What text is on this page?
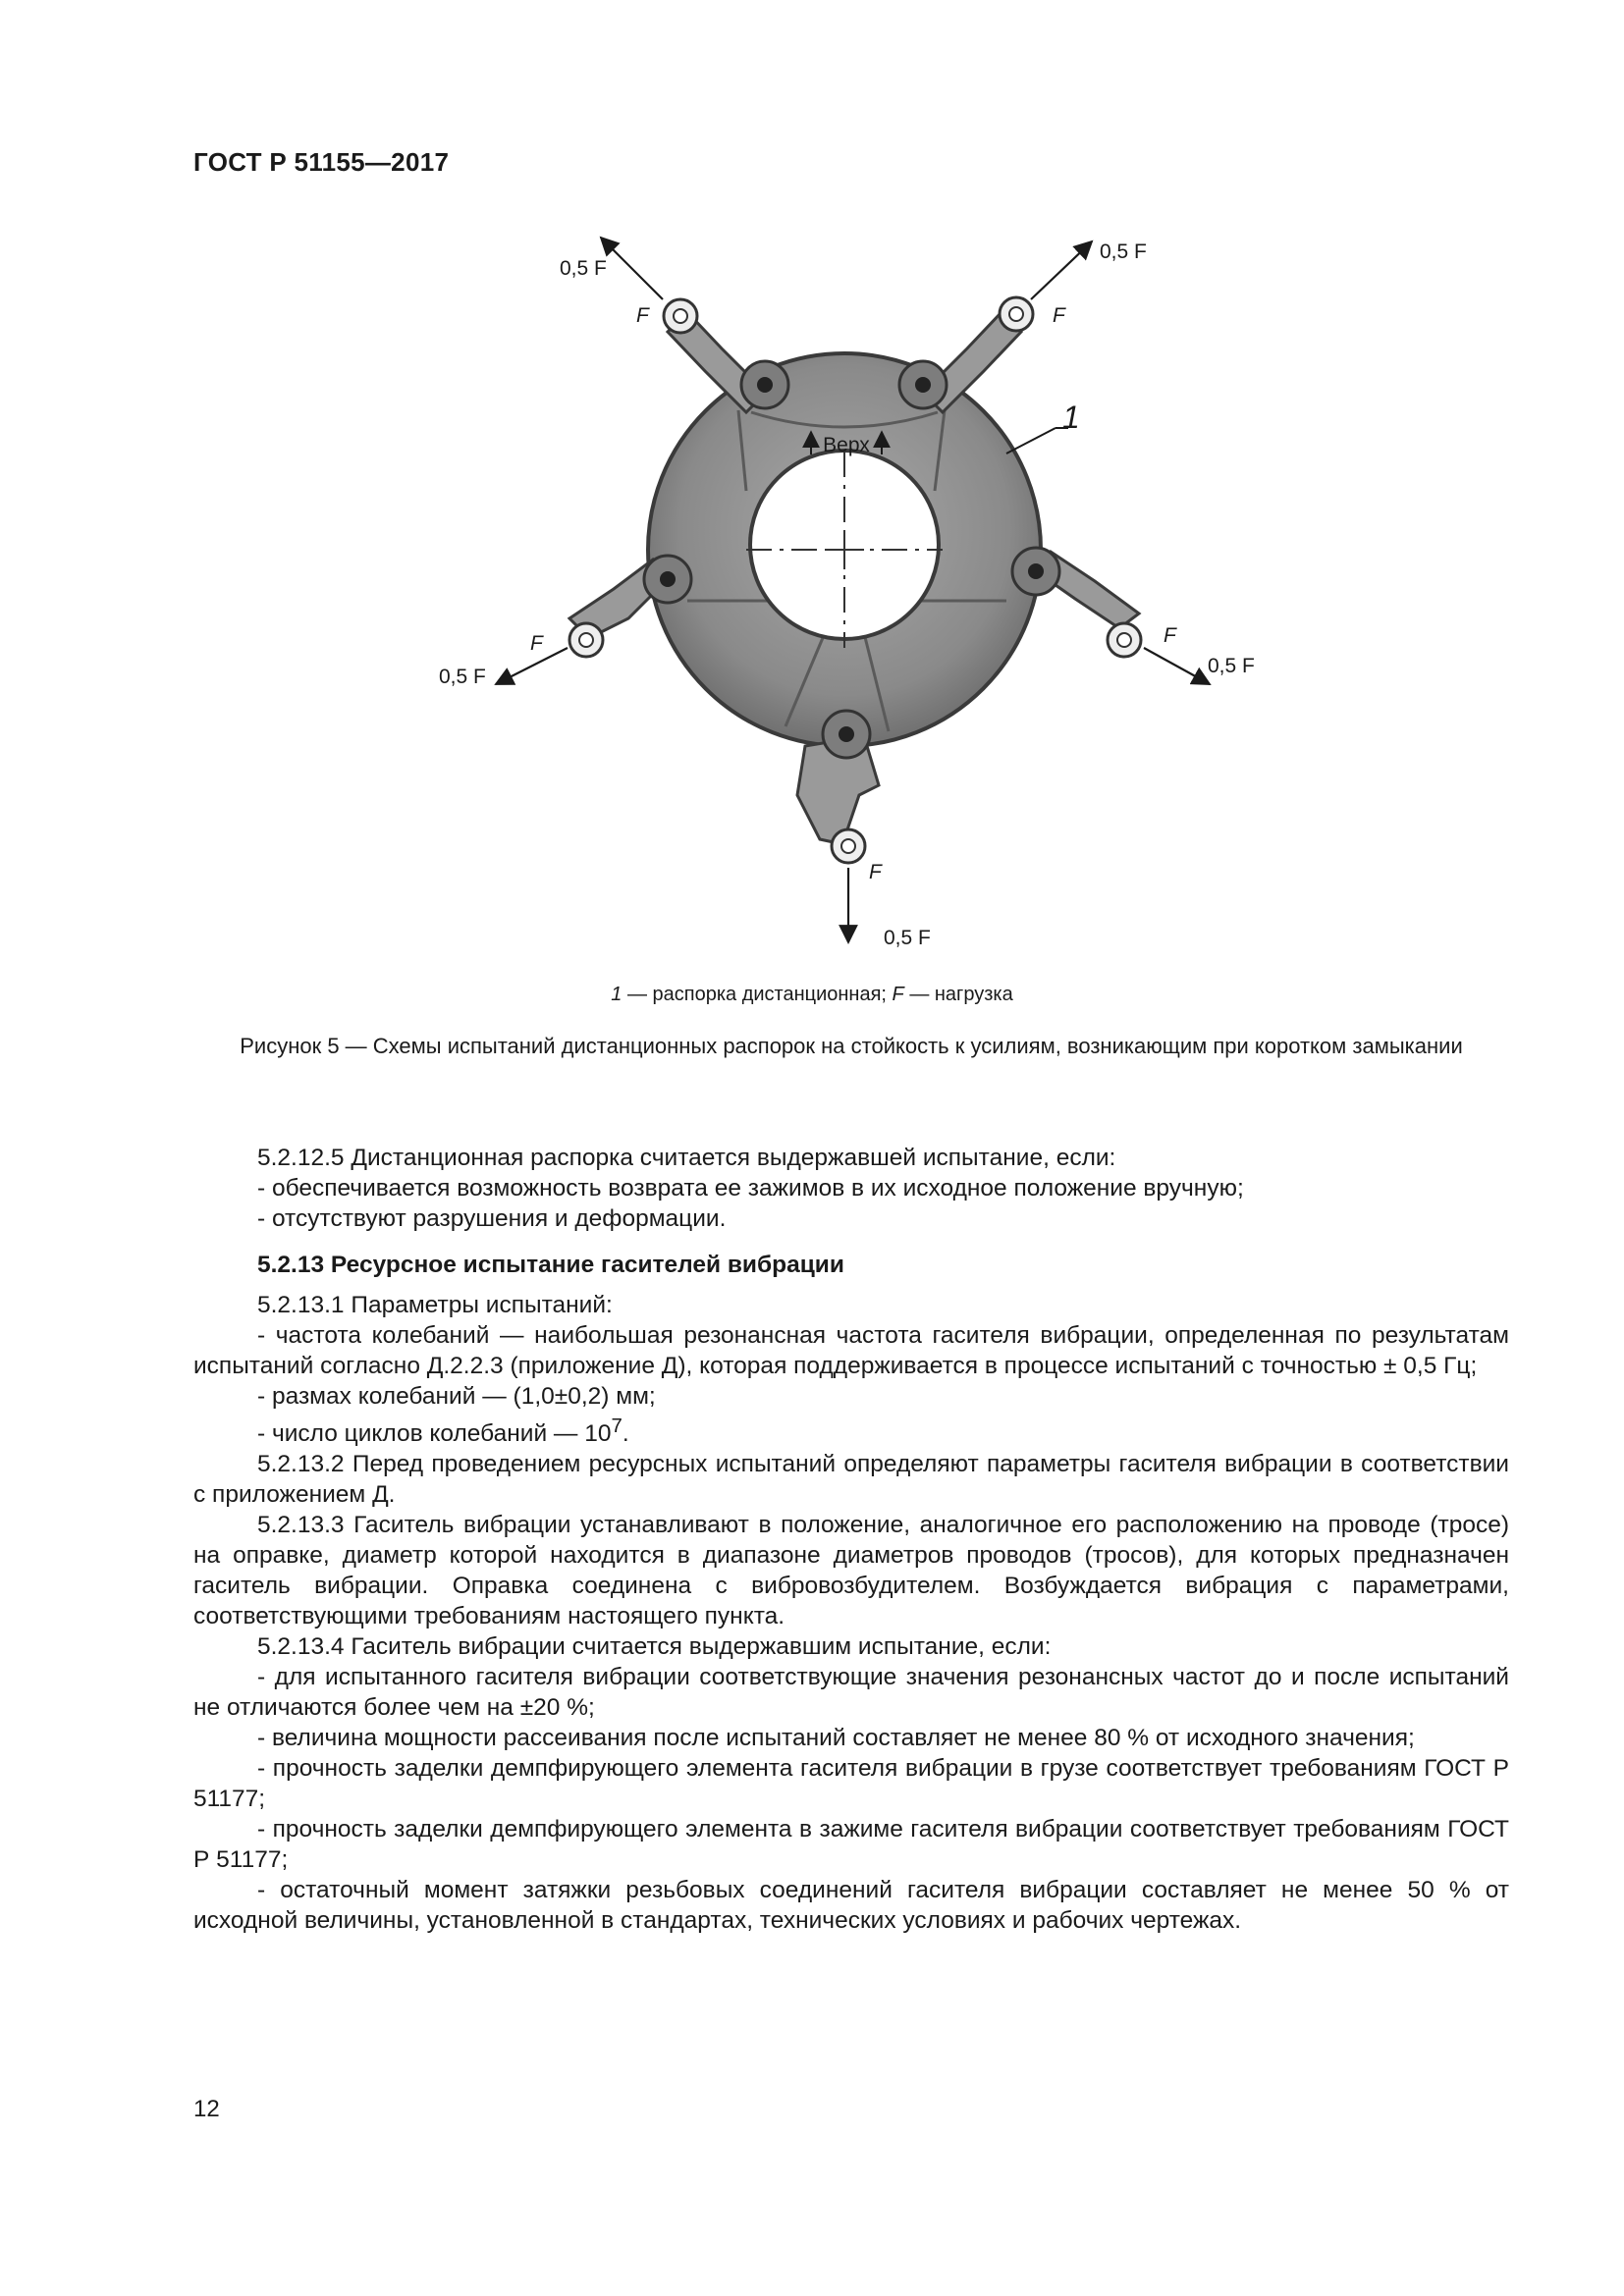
ГОСТ Р 51155—2017
Верх
1
0,5 F
F
0,5 F
F
F
0,5 F
F
0,5 F
F
0,5 F
1 — распорка дистанционная; F — нагрузка
Рисунок 5 — Схемы испытаний дистанционных распорок на стойкость к усилиям, возникающим при коротком замыкании

5.2.12.5 Дистанционная распорка считается выдержавшей испытание, если:

- обеспечивается возможность возврата ее зажимов в их исходное положение вручную;

- отсутствуют разрушения и деформации.

5.2.13 Ресурсное испытание гасителей вибрации

5.2.13.1 Параметры испытаний:

- частота колебаний — наибольшая резонансная частота гасителя вибрации, определенная по результатам испытаний согласно Д.2.2.3 (приложение Д), которая поддерживается в процессе испытаний с точностью ± 0,5 Гц;

- размах колебаний — (1,0±0,2) мм;

- число циклов колебаний — $10^7$.

5.2.13.2 Перед проведением ресурсных испытаний определяют параметры гасителя вибрации в соответствии с приложением Д.

5.2.13.3 Гаситель вибрации устанавливают в положение, аналогичное его расположению на проводе (тросе) на оправке, диаметр которой находится в диапазоне диаметров проводов (тросов), для которых предназначен гаситель вибрации. Оправка соединена с вибровозбудителем. Возбуждается вибрация с параметрами, соответствующими требованиям настоящего пункта.

5.2.13.4 Гаситель вибрации считается выдержавшим испытание, если:

- для испытанного гасителя вибрации соответствующие значения резонансных частот до и после испытаний не отличаются более чем на ±20 %;

- величина мощности рассеивания после испытаний составляет не менее 80 % от исходного значения;

- прочность заделки демпфирующего элемента гасителя вибрации в грузе соответствует требованиям ГОСТ Р 51177;

- прочность заделки демпфирующего элемента в зажиме гасителя вибрации соответствует требованиям ГОСТ Р 51177;

- остаточный момент затяжки резьбовых соединений гасителя вибрации составляет не менее 50 % от исходной величины, установленной в стандартах, технических условиях и рабочих чертежах.

12
